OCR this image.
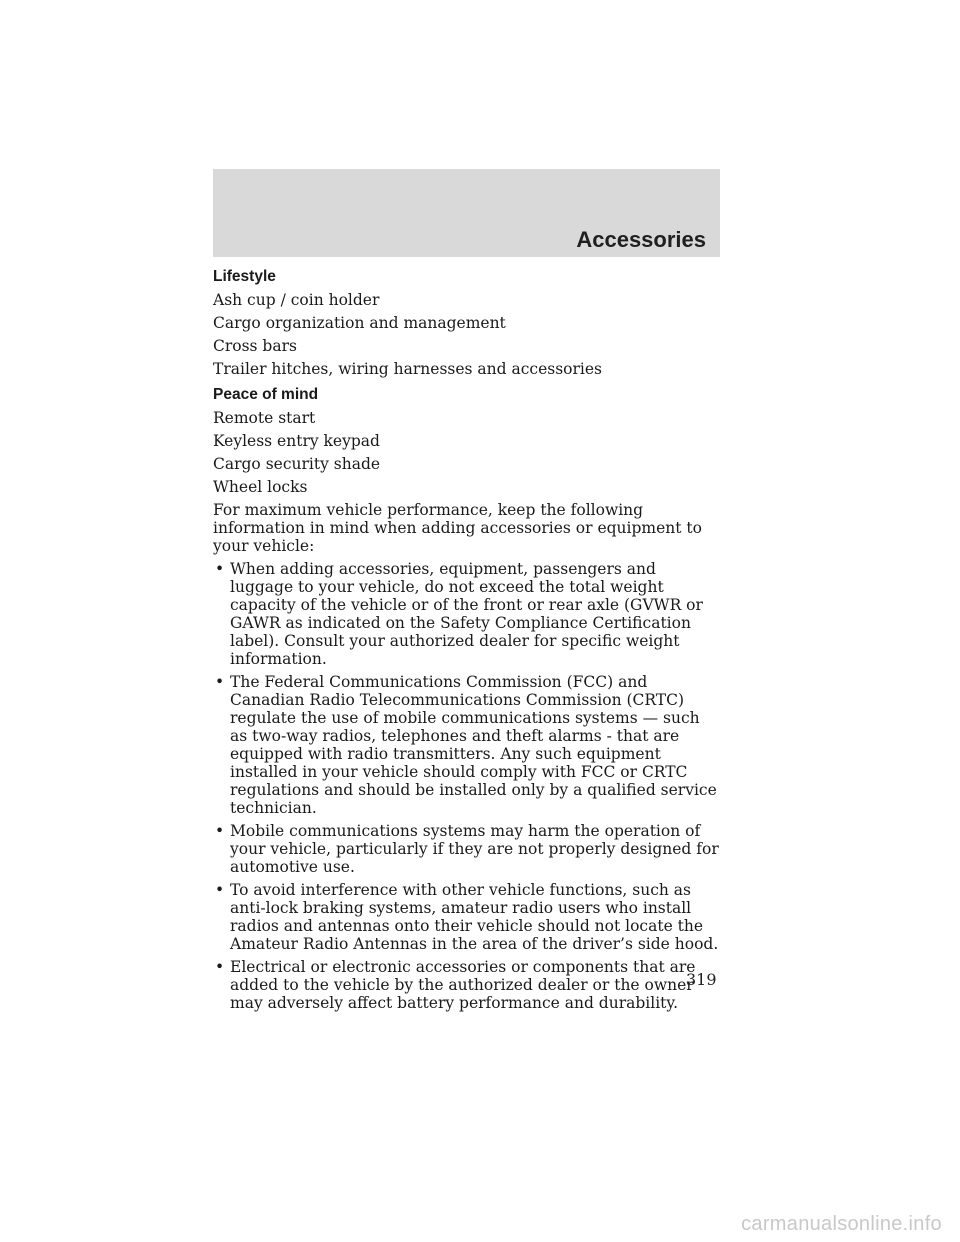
Accessories
Lifestyle
Ash cup / coin holder
Cargo organization and management
Cross bars
Trailer hitches, wiring harnesses and accessories
Peace of mind
Remote start
Keyless entry keypad
Cargo security shade
Wheel locks

For maximum vehicle performance, keep the following information in mind when adding accessories or equipment to your vehicle:

• When adding accessories, equipment, passengers and luggage to your vehicle, do not exceed the total weight capacity of the vehicle or of the front or rear axle (GVWR or GAWR as indicated on the Safety Compliance Certification label). Consult your authorized dealer for specific weight information.
• The Federal Communications Commission (FCC) and Canadian Radio Telecommunications Commission (CRTC) regulate the use of mobile communications systems — such as two-way radios, telephones and theft alarms - that are equipped with radio transmitters. Any such equipment installed in your vehicle should comply with FCC or CRTC regulations and should be installed only by a qualified service technician.
• Mobile communications systems may harm the operation of your vehicle, particularly if they are not properly designed for automotive use.
• To avoid interference with other vehicle functions, such as anti-lock braking systems, amateur radio users who install radios and antennas onto their vehicle should not locate the Amateur Radio Antennas in the area of the driver’s side hood.
• Electrical or electronic accessories or components that are added to the vehicle by the authorized dealer or the owner may adversely affect battery performance and durability.
319
carmanualsonline.info
